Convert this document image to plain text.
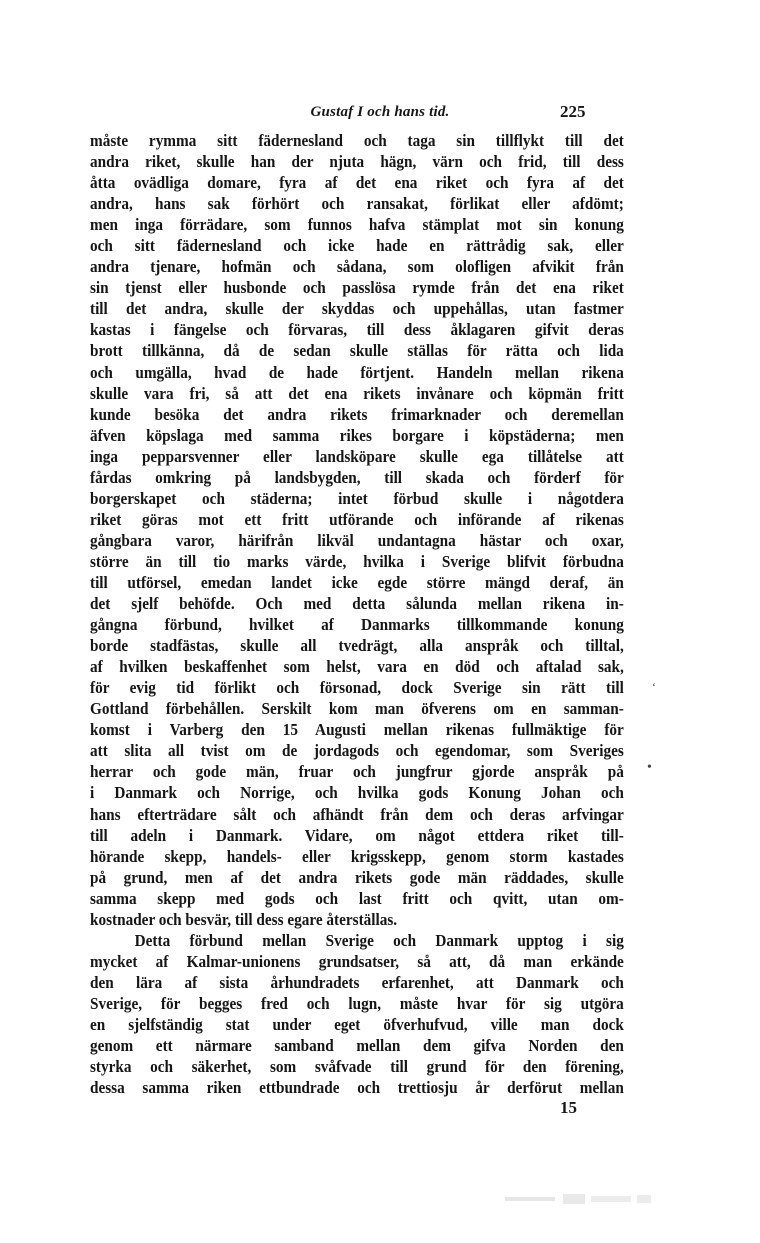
Gustaf I och hans tid.	225
måste rymma sitt fädernesland och taga sin tillflykt till det
andra riket, skulle han der njuta hägn, värn och frid, till dess
åtta ovädliga domare, fyra af det ena riket och fyra af det
andra, hans sak förhört och ransakat, förlikat eller afdömt;
men inga förrädare, som funnos hafva stämplat mot sin konung
och sitt fädernesland och icke hade en rättrådig sak, eller
andra tjenare, hofmän och sådana, som olofligen afvikit från
sin tjenst eller husbonde och passlösa rymde från det ena riket
till det andra, skulle der skyddas och uppehållas, utan fastmer
kastas i fängelse och förvaras, till dess åklagaren gifvit deras
brott tillkänna, då de sedan skulle ställas för rätta och lida
och umgälla, hvad de hade förtjent. Handeln mellan rikena
skulle vara fri, så att det ena rikets invånare och köpmän fritt
kunde besöka det andra rikets frimarknader och deremellan
äfven köpslaga med samma rikes borgare i köpstäderna; men
inga pepparsvenner eller landsköpare skulle ega tillåtelse att
fårdas omkring på landsbygden, till skada och förderf för
borgerskapet och städerna; intet förbud skulle i någotdera
riket göras mot ett fritt utförande och införande af rikenas
gångbara varor, härifrån likväl undantagna hästar och oxar,
större än till tio marks värde, hvilka i Sverige blifvit förbudna
till utförsel, emedan landet icke egde större mängd deraf, än
det sjelf behöfde. Och med detta sålunda mellan rikena in-
gångna förbund, hvilket af Danmarks tillkommande konung
borde stadfästas, skulle all tvedrägt, alla anspråk och tilltal,
af hvilken beskaffenhet som helst, vara en död och aftalad sak,
för evig tid förlikt och försonad, dock Sverige sin rätt till
Gottland förbehållen. Serskilt kom man öfverens om en samman-
komst i Varberg den 15 Augusti mellan rikenas fullmäktige för
att slita all tvist om de jordagods och egendomar, som Sveriges
herrar och gode män, fruar och jungfrur gjorde anspråk på
i Danmark och Norrige, och hvilka gods Konung Johan och
hans efterträdare sålt och afhändt från dem och deras arfvingar
till adeln i Danmark. Vidare, om något ettdera riket till-
hörande skepp, handels- eller krigsskepp, genom storm kastades
på grund, men af det andra rikets gode män räddades, skulle
samma skepp med gods och last fritt och qvitt, utan om-
kostnader och besvär, till dess egare återställas.
Detta förbund mellan Sverige och Danmark upptog i sig
mycket af Kalmar-unionens grundsatser, så att, då man erkände
den lära af sista århundradets erfarenhet, att Danmark och
Sverige, för begges fred och lugn, måste hvar för sig utgöra
en sjelfständig stat under eget öfverhufvud, ville man dock
genom ett närmare samband mellan dem gifva Norden den
styrka och säkerhet, som svåfvade till grund för den förening,
dessa samma riken ettbundrade och trettiosju år derförut mellan
15
‘
•
